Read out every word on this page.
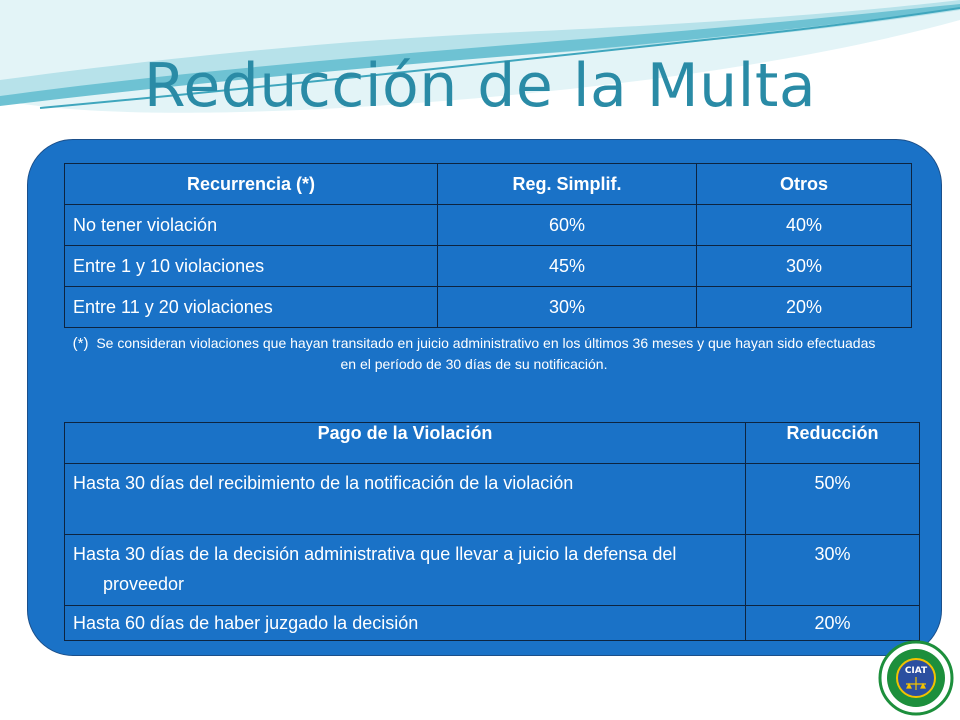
Reducción de la Multa
Recurrencia (*)	Reg. Simplif.	Otros
No tener violación	60%	40%
Entre 1 y 10 violaciones	45%	30%
Entre 11 y 20 violaciones	30%	20%
(*) Se consideran violaciones que hayan transitado en juicio administrativo en los últimos 36 meses y que hayan sido efectuadas en el período de 30 días de su notificación.
Pago de la Violación	Reducción

Hasta 30 días del recibimiento de la notificación de la violación	50%

Hasta 30 días de la decisión administrativa que llevar a juicio la defensa del proveedor	30%
Hasta 60 días de haber juzgado la decisión	20%
CIAT
